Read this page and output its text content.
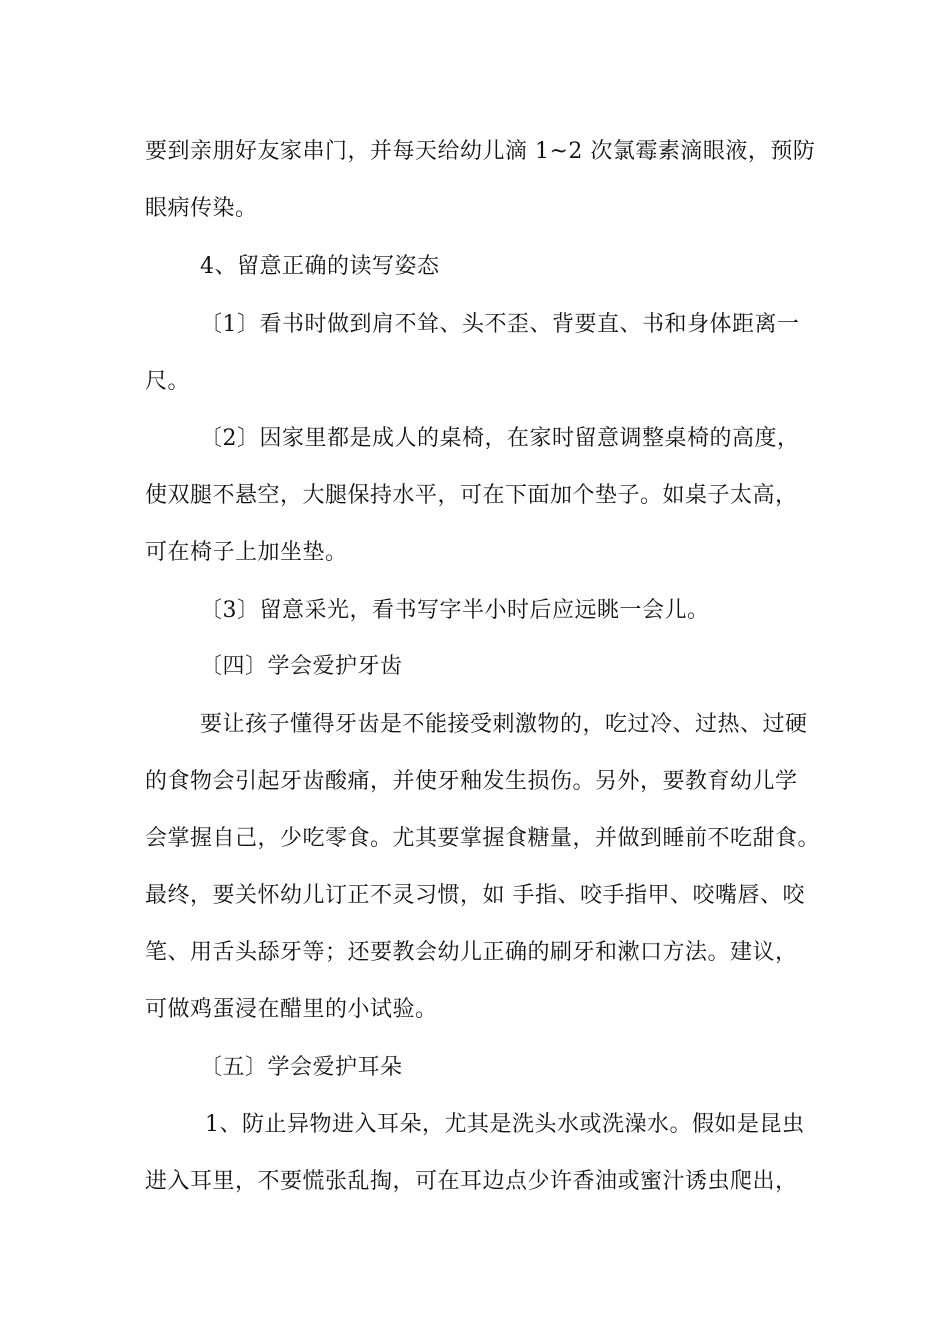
要到亲朋好友家串门，并每天给幼儿滴 1~2 次氯霉素滴眼液，预防
眼病传染。
4、留意正确的读写姿态
〔1〕看书时做到肩不耸、头不歪、背要直、书和身体距离一
尺。
〔2〕因家里都是成人的桌椅，在家时留意调整桌椅的高度，
使双腿不悬空，大腿保持水平，可在下面加个垫子。如桌子太高，
可在椅子上加坐垫。
〔3〕留意采光，看书写字半小时后应远眺一会儿。
〔四〕学会爱护牙齿
要让孩子懂得牙齿是不能接受刺激物的，吃过冷、过热、过硬
的食物会引起牙齿酸痛，并使牙釉发生损伤。另外，要教育幼儿学
会掌握自己，少吃零食。尤其要掌握食糖量，并做到睡前不吃甜食。
最终，要关怀幼儿订正不灵习惯，如 手指、咬手指甲、咬嘴唇、咬
笔、用舌头舔牙等；还要教会幼儿正确的刷牙和漱口方法。建议，
可做鸡蛋浸在醋里的小试验。
〔五〕学会爱护耳朵
1、防止异物进入耳朵，尤其是洗头水或洗澡水。假如是昆虫
进入耳里，不要慌张乱掏，可在耳边点少许香油或蜜汁诱虫爬出，
